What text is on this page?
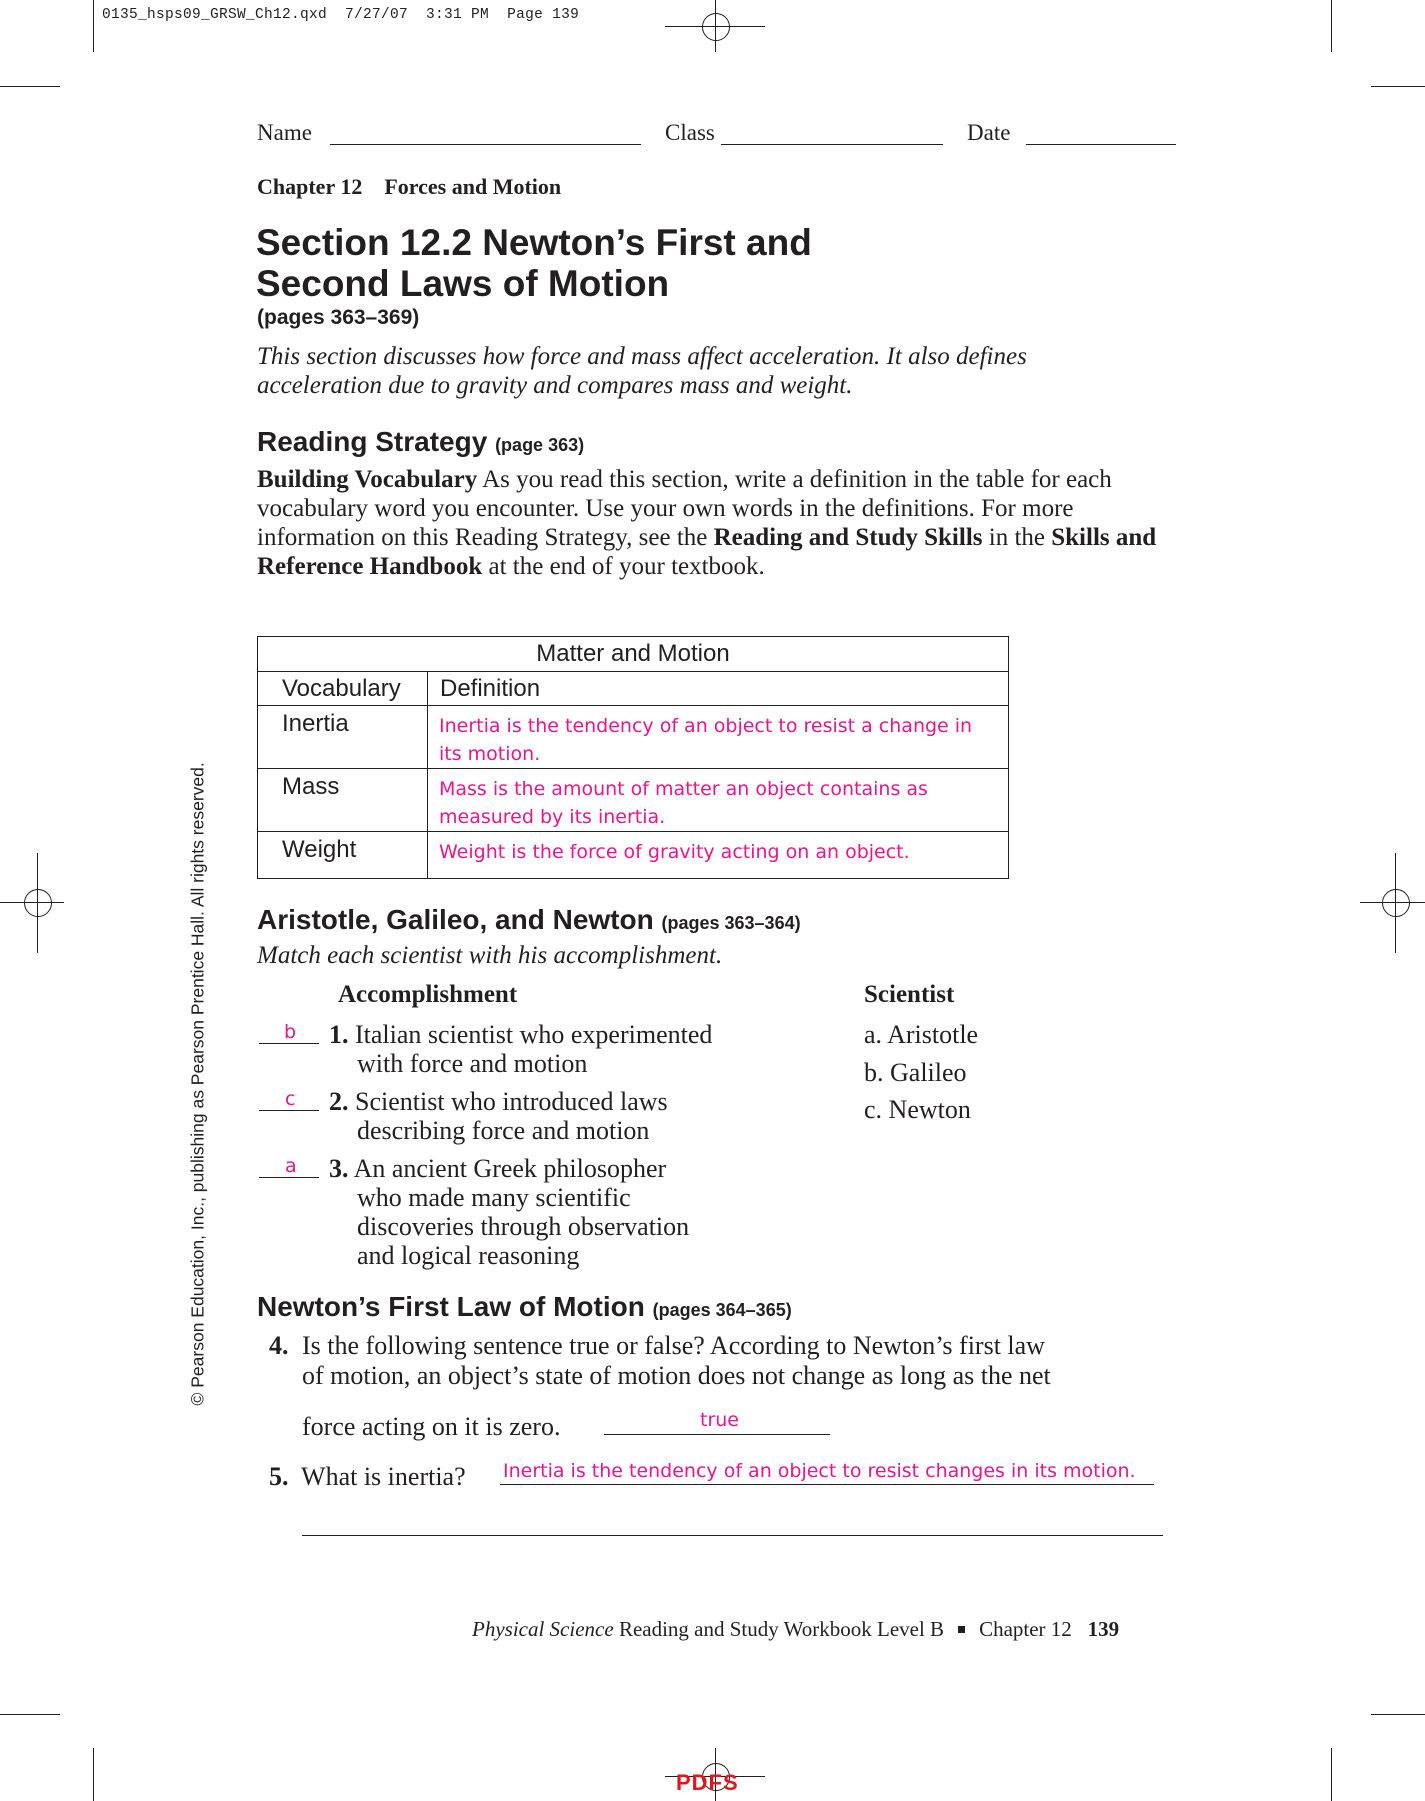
0135_hsps09_GRSW_Ch12.qxd  7/27/07  3:31 PM  Page 139
Name	Class	Date
Chapter 12 Forces and Motion
Section 12.2 Newton’s First and
Second Laws of Motion
(pages 363–369)
This section discusses how force and mass affect acceleration. It also defines
acceleration due to gravity and compares mass and weight.
Reading Strategy (page 363)
Building Vocabulary As you read this section, write a definition in the table for each vocabulary word you encounter. Use your own words in the definitions. For more information on this Reading Strategy, see the Reading and Study Skills in the Skills and Reference Handbook at the end of your textbook.
Matter and Motion	
Vocabulary	Definition
Inertia	Inertia is the tendency of an object to resist a change in
its motion.

Mass	Mass is the amount of matter an object contains as
measured by its inertia.

Weight	Weight is the force of gravity acting on an object.
Aristotle, Galileo, and Newton (pages 363–364)
Match each scientist with his accomplishment.
Accomplishment	Scientist
b 1. Italian scientist who experimented
with force and motion
c 2. Scientist who introduced laws
describing force and motion
a 3. An ancient Greek philosopher
who made many scientific
discoveries through observation
and logical reasoning
a. Aristotle
b. Galileo
c. Newton
Newton’s First Law of Motion (pages 364–365)
4. Is the following sentence true or false? According to Newton’s first law
of motion, an object’s state of motion does not change as long as the net
force acting on it is zero.	true
5. What is inertia? Inertia is the tendency of an object to resist changes in its motion.
© Pearson Education, Inc., publishing as Pearson Prentice Hall. All rights reserved.
Physical Science Reading and Study Workbook Level B Chapter 12 139
PDFS
